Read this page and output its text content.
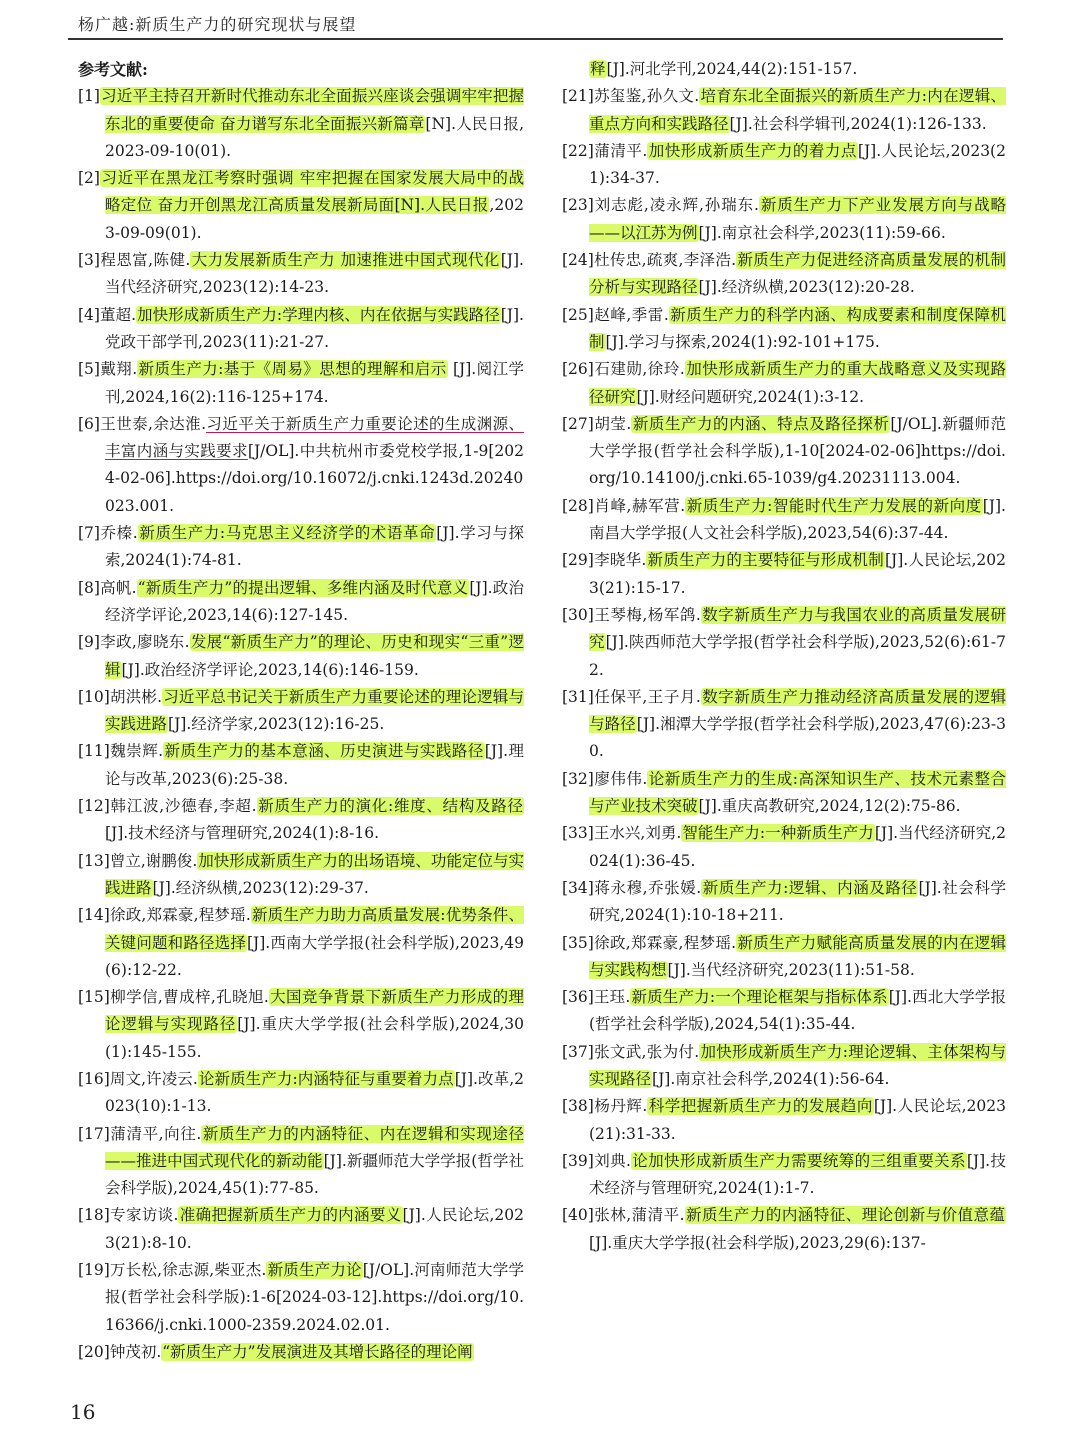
杨广越:新质生产力的研究现状与展望
参考文献:
[1]习近平主持召开新时代推动东北全面振兴座谈会强调牢牢把握东北的重要使命 奋力谱写东北全面振兴新篇章[N].人民日报,2023-09-10(01).
[2]习近平在黑龙江考察时强调 牢牢把握在国家发展大局中的战略定位 奋力开创黑龙江高质量发展新局面[N].人民日报,2023-09-09(01).
[3]程恩富,陈健.大力发展新质生产力 加速推进中国式现代化[J].当代经济研究,2023(12):14-23.
[4]董超.加快形成新质生产力:学理内核、内在依据与实践路径[J].党政干部学刊,2023(11):21-27.
[5]戴翔.新质生产力:基于《周易》思想的理解和启示 [J].阅江学刊,2024,16(2):116-125+174.
[6]王世泰,余达淮.习近平关于新质生产力重要论述的生成渊源、丰富内涵与实践要求[J/OL].中共杭州市委党校学报,1-9[2024-02-06].https://doi.org/10.16072/j.cnki.1243d.20240023.001.
[7]乔榛.新质生产力:马克思主义经济学的术语革命[J].学习与探索,2024(1):74-81.
[8]高帆.“新质生产力”的提出逻辑、多维内涵及时代意义[J].政治经济学评论,2023,14(6):127-145.
[9]李政,廖晓东.发展“新质生产力”的理论、历史和现实“三重”逻辑[J].政治经济学评论,2023,14(6):146-159.
[10]胡洪彬.习近平总书记关于新质生产力重要论述的理论逻辑与实践进路[J].经济学家,2023(12):16-25.
[11]魏崇辉.新质生产力的基本意涵、历史演进与实践路径[J].理论与改革,2023(6):25-38.
[12]韩江波,沙德春,李超.新质生产力的演化:维度、结构及路径[J].技术经济与管理研究,2024(1):8-16.
[13]曾立,谢鹏俊.加快形成新质生产力的出场语境、功能定位与实践进路[J].经济纵横,2023(12):29-37.
[14]徐政,郑霖豪,程梦瑶.新质生产力助力高质量发展:优势条件、关键问题和路径选择[J].西南大学学报(社会科学版),2023,49(6):12-22.
[15]柳学信,曹成梓,孔晓旭.大国竞争背景下新质生产力形成的理论逻辑与实现路径[J].重庆大学学报(社会科学版),2024,30(1):145-155.
[16]周文,许凌云.论新质生产力:内涵特征与重要着力点[J].改革,2023(10):1-13.
[17]蒲清平,向往.新质生产力的内涵特征、内在逻辑和实现途径——推进中国式现代化的新动能[J].新疆师范大学学报(哲学社会科学版),2024,45(1):77-85.
[18]专家访谈.准确把握新质生产力的内涵要义[J].人民论坛,2023(21):8-10.
[19]万长松,徐志源,柴亚杰.新质生产力论[J/OL].河南师范大学学报(哲学社会科学版):1-6[2024-03-12].https://doi.org/10.16366/j.cnki.1000-2359.2024.02.01.
[20]钟茂初.“新质生产力”发展演进及其增长路径的理论阐
释[J].河北学刊,2024,44(2):151-157.
[21]苏玺鉴,孙久文.培育东北全面振兴的新质生产力:内在逻辑、重点方向和实践路径[J].社会科学辑刊,2024(1):126-133.
[22]蒲清平.加快形成新质生产力的着力点[J].人民论坛,2023(21):34-37.
[23]刘志彪,凌永辉,孙瑞东.新质生产力下产业发展方向与战略——以江苏为例[J].南京社会科学,2023(11):59-66.
[24]杜传忠,疏爽,李泽浩.新质生产力促进经济高质量发展的机制分析与实现路径[J].经济纵横,2023(12):20-28.
[25]赵峰,季雷.新质生产力的科学内涵、构成要素和制度保障机制[J].学习与探索,2024(1):92-101+175.
[26]石建勋,徐玲.加快形成新质生产力的重大战略意义及实现路径研究[J].财经问题研究,2024(1):3-12.
[27]胡莹.新质生产力的内涵、特点及路径探析[J/OL].新疆师范大学学报(哲学社会科学版),1-10[2024-02-06]https://doi.org/10.14100/j.cnki.65-1039/g4.20231113.004.
[28]肖峰,赫军营.新质生产力:智能时代生产力发展的新向度[J].南昌大学学报(人文社会科学版),2023,54(6):37-44.
[29]李晓华.新质生产力的主要特征与形成机制[J].人民论坛,2023(21):15-17.
[30]王琴梅,杨军鸽.数字新质生产力与我国农业的高质量发展研究[J].陕西师范大学学报(哲学社会科学版),2023,52(6):61-72.
[31]任保平,王子月.数字新质生产力推动经济高质量发展的逻辑与路径[J].湘潭大学学报(哲学社会科学版),2023,47(6):23-30.
[32]廖伟伟.论新质生产力的生成:高深知识生产、技术元素整合与产业技术突破[J].重庆高教研究,2024,12(2):75-86.
[33]王水兴,刘勇.智能生产力:一种新质生产力[J].当代经济研究,2024(1):36-45.
[34]蒋永穆,乔张媛.新质生产力:逻辑、内涵及路径[J].社会科学研究,2024(1):10-18+211.
[35]徐政,郑霖豪,程梦瑶.新质生产力赋能高质量发展的内在逻辑与实践构想[J].当代经济研究,2023(11):51-58.
[36]王珏.新质生产力:一个理论框架与指标体系[J].西北大学学报(哲学社会科学版),2024,54(1):35-44.
[37]张文武,张为付.加快形成新质生产力:理论逻辑、主体架构与实现路径[J].南京社会科学,2024(1):56-64.
[38]杨丹辉.科学把握新质生产力的发展趋向[J].人民论坛,2023(21):31-33.
[39]刘典.论加快形成新质生产力需要统筹的三组重要关系[J].技术经济与管理研究,2024(1):1-7.
[40]张林,蒲清平.新质生产力的内涵特征、理论创新与价值意蕴[J].重庆大学学报(社会科学版),2023,29(6):137-
16
